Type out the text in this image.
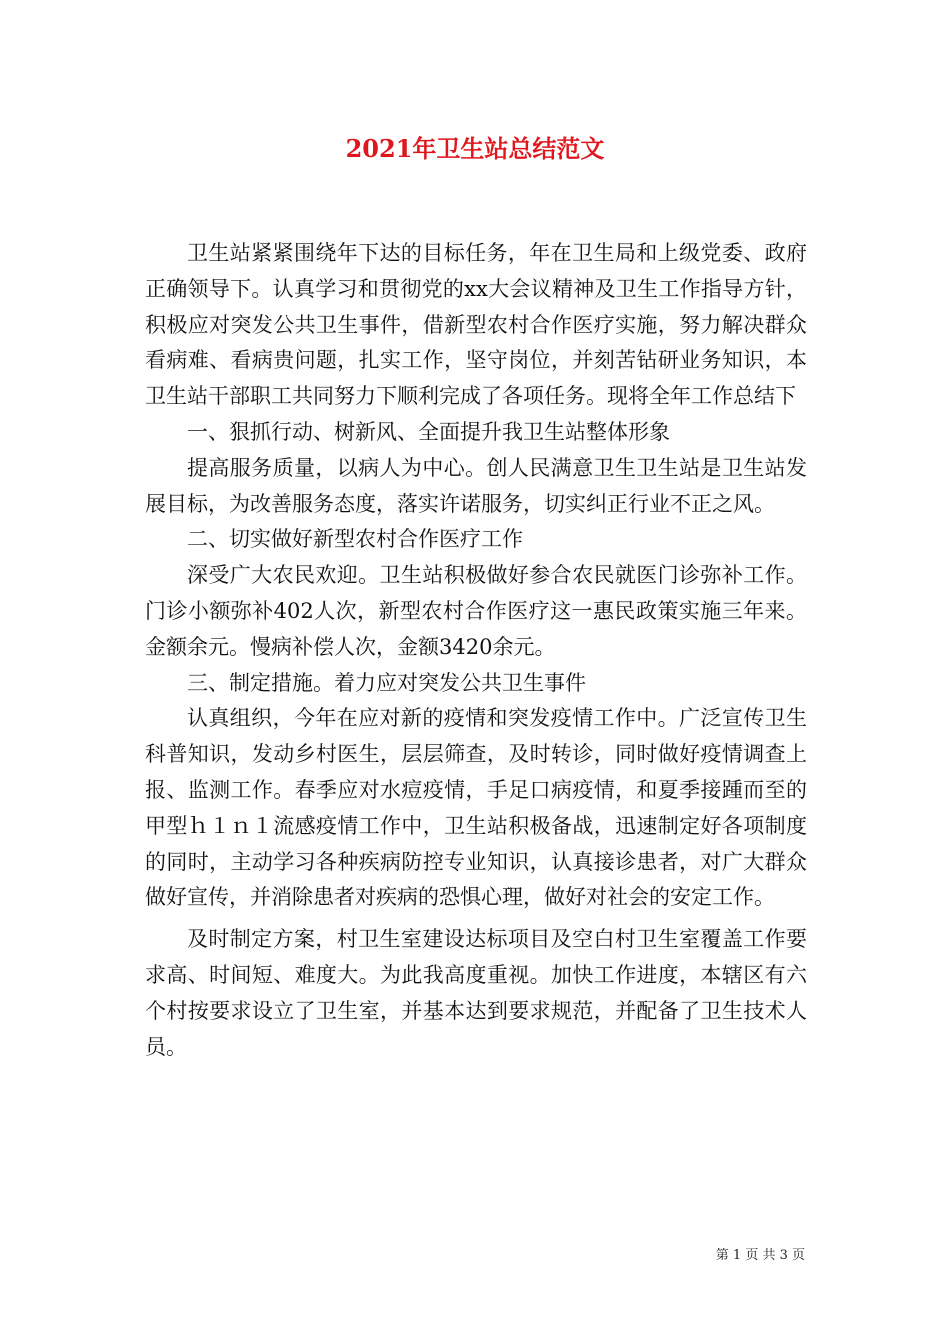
2021年卫生站总结范文

卫生站紧紧围绕年下达的目标任务，年在卫生局和上级党委、政府正确领导下。认真学习和贯彻党的xx大会议精神及卫生工作指导方针，积极应对突发公共卫生事件，借新型农村合作医疗实施，努力解决群众看病难、看病贵问题，扎实工作，坚守岗位，并刻苦钻研业务知识，本卫生站干部职工共同努力下顺利完成了各项任务。现将全年工作总结下

一、狠抓行动、树新风、全面提升我卫生站整体形象

提高服务质量，以病人为中心。创人民满意卫生卫生站是卫生站发展目标，为改善服务态度，落实许诺服务，切实纠正行业不正之风。

二、切实做好新型农村合作医疗工作

深受广大农民欢迎。卫生站积极做好参合农民就医门诊弥补工作。门诊小额弥补402人次，新型农村合作医疗这一惠民政策实施三年来。金额余元。慢病补偿人次，金额3420余元。

三、制定措施。着力应对突发公共卫生事件

认真组织，今年在应对新的疫情和突发疫情工作中。广泛宣传卫生科普知识，发动乡村医生，层层筛查，及时转诊，同时做好疫情调查上报、监测工作。春季应对水痘疫情，手足口病疫情，和夏季接踵而至的甲型ｈ１ｎ１流感疫情工作中，卫生站积极备战，迅速制定好各项制度的同时，主动学习各种疾病防控专业知识，认真接诊患者，对广大群众做好宣传，并消除患者对疾病的恐惧心理，做好对社会的安定工作。

及时制定方案，村卫生室建设达标项目及空白村卫生室覆盖工作要求高、时间短、难度大。为此我高度重视。加快工作进度，本辖区有六个村按要求设立了卫生室，并基本达到要求规范，并配备了卫生技术人员。

第 1 页 共 3 页
